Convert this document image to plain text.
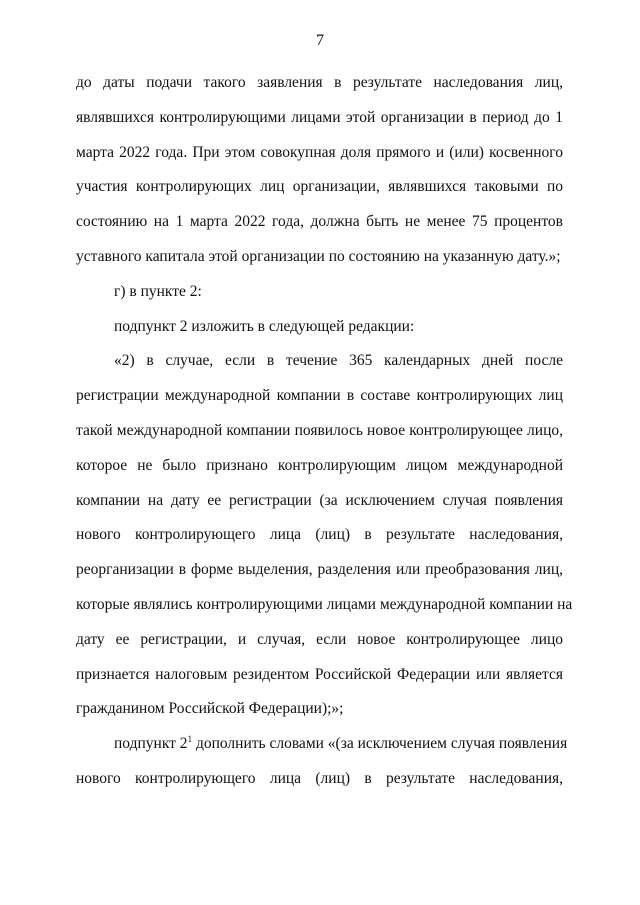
7

до даты подачи такого заявления в результате наследования лиц,
являвшихся контролирующими лицами этой организации в период до 1
марта 2022 года. При этом совокупная доля прямого и (или) косвенного
участия контролирующих лиц организации, являвшихся таковыми по
состоянию на 1 марта 2022 года, должна быть не менее 75 процентов
уставного капитала этой организации по состоянию на указанную дату.»;

г) в пункте 2:

подпункт 2 изложить в следующей редакции:

«2) в случае, если в течение 365 календарных дней после
регистрации международной компании в составе контролирующих лиц
такой международной компании появилось новое контролирующее лицо,
которое не было признано контролирующим лицом международной
компании на дату ее регистрации (за исключением случая появления
нового контролирующего лица (лиц) в результате наследования,
реорганизации в форме выделения, разделения или преобразования лиц,
которые являлись контролирующими лицами международной компании на
дату ее регистрации, и случая, если новое контролирующее лицо
признается налоговым резидентом Российской Федерации или является
гражданином Российской Федерации);»;

подпункт $2^1$ дополнить словами «(за исключением случая появления
нового контролирующего лица (лиц) в результате наследования,
